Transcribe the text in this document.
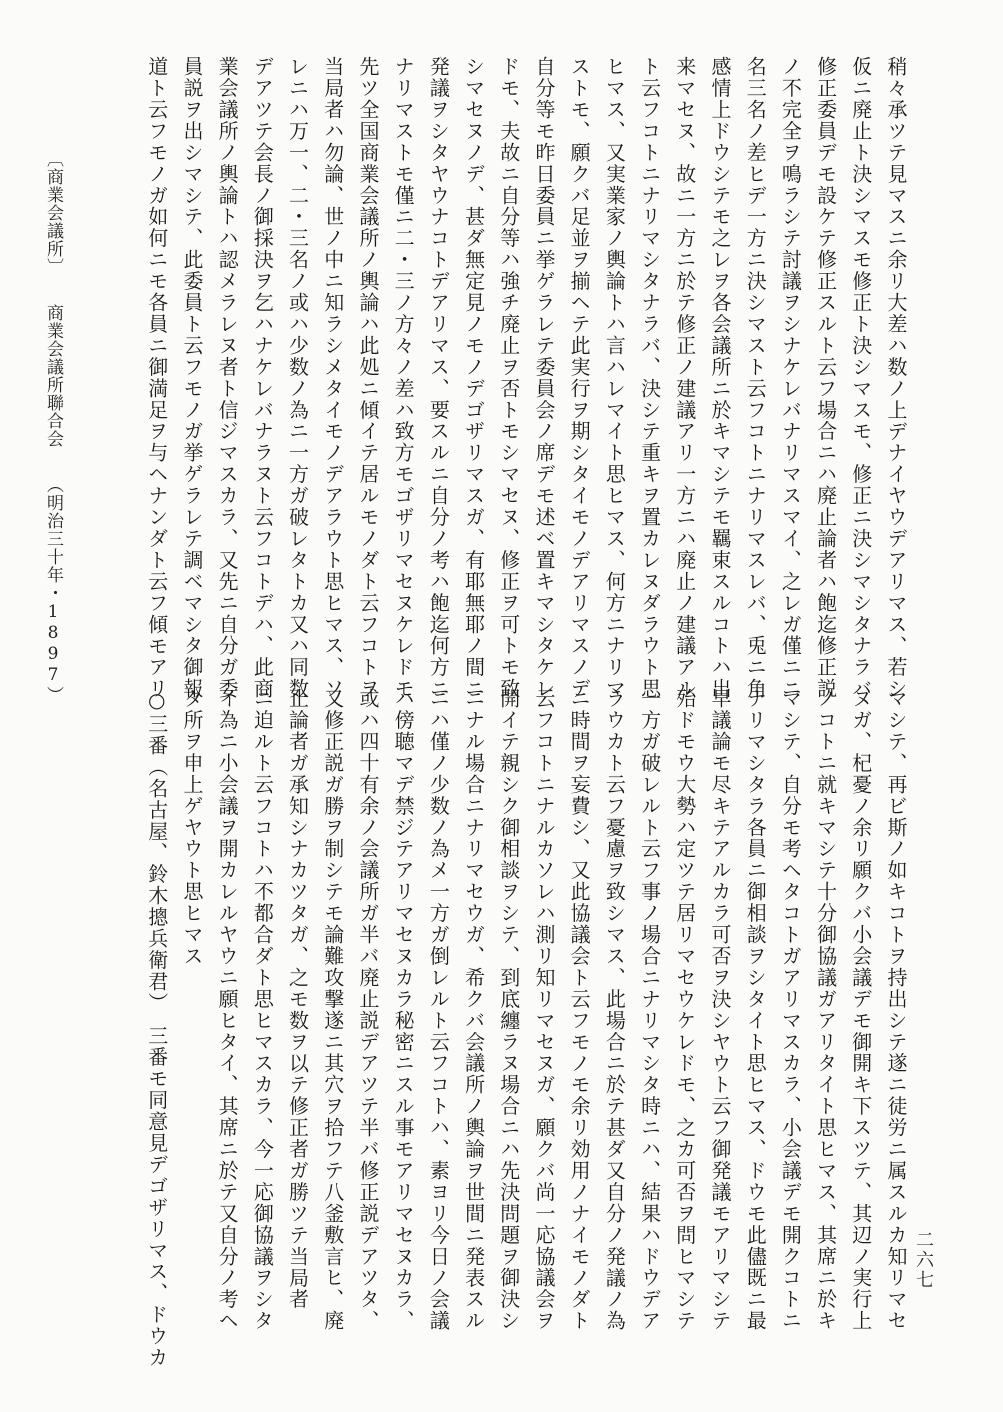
稍々承ツテ見マスニ余リ大差ハ数ノ上デナイヤウデアリマス、若シ
仮ニ廃止ト決シマスモ修正ト決シマスモ、修正ニ決シマシタナラバ
修正委員デモ設ケテ修正スルト云フ場合ニハ廃止論者ハ飽迄修正説
ノ不完全ヲ鳴ラシテ討議ヲシナケレバナリマスマイ、之レガ僅ニニ
名三名ノ差ヒデ一方ニ決シマスト云フコトニナリマスレバ、兎ニ角
感情上ドウシテモ之レヲ各会議所ニ於キマシテモ羈束スルコトハ出
来マセヌ、故ニ一方ニ於テ修正ノ建議アリ一方ニハ廃止ノ建議アル
ト云フコトニナリマシタナラバ、決シテ重キヲ置カレヌダラウト思
ヒマス、又実業家ノ輿論トハ言ハレマイト思ヒマス、何方ニナリマ
ストモ、願クバ足並ヲ揃ヘテ此実行ヲ期シタイモノデアリマスノデ
自分等モ昨日委員ニ挙ゲラレテ委員会ノ席デモ述ベ置キマシタケレ
ドモ、夫故ニ自分等ハ強チ廃止ヲ否トモシマセヌ、修正ヲ可トモ致
シマセヌノデ、甚ダ無定見ノモノデゴザリマスガ、有耶無耶ノ間ニ
発議ヲシタヤウナコトデアリマス、要スルニ自分ノ考ハ飽迄何方ニ
ナリマストモ僅ニ二・三ノ方々ノ差ハ致方モゴザリマセヌケレドモ
先ツ全国商業会議所ノ輿論ハ此処ニ傾イテ居ルモノダト云フコトヲ
当局者ハ勿論、世ノ中ニ知ラシメタイモノデアラウト思ヒマス、ソ
レニハ万一、二・三名ノ或ハ少数ノ為ニ一方ガ破レタトカ又ハ同数
デアツテ会長ノ御採決ヲ乞ハナケレバナラヌト云フコトデハ、此商
業会議所ノ輿論トハ認メラレヌ者ト信ジマスカラ、又先ニ自分ガ委
員説ヲ出シマシテ、此委員ト云フモノガ挙ゲラレテ調ベマシタ御報
道ト云フモノガ如何ニモ各員ニ御満足ヲ与ヘナンダト云フ傾モアリ
マシテ、再ビ斯ノ如キコトヲ持出シテ遂ニ徒労ニ属スルカ知リマセ
ヌガ、杞憂ノ余リ願クバ小会議デモ御開キ下スツテ、其辺ノ実行上
ノコトニ就キマシテ十分御協議ガアリタイト思ヒマス、其席ニ於キ
マシテ、自分モ考ヘタコトガアリマスカラ、小会議デモ開クコトニ
ナリマシタラ各員ニ御相談ヲシタイト思ヒマス、ドウモ此儘既ニ最
早議論モ尽キテアルカラ可否ヲ決シヤウト云フ御発議モアリマシテ
殆ドモウ大勢ハ定ツテ居リマセウケレドモ、之カ可否ヲ問ヒマシテ
一方ガ破レルト云フ事ノ場合ニナリマシタ時ニハ、結果ハドウデア
ラウカト云フ憂慮ヲ致シマス、此場合ニ於テ甚ダ又自分ノ発議ノ為
ニ時間ヲ妄費シ、又此協議会ト云フモノモ余リ効用ノナイモノダト
云フコトニナルカソレハ測リ知リマセヌガ、願クバ尚一応協議会ヲ
開イテ親シク御相談ヲシテ、到底纏ラヌ場合ニハ先決問題ヲ御決シ
ニナル場合ニナリマセウガ、希クバ会議所ノ輿論ヲ世間ニ発表スル
ニハ僅ノ少数ノ為メ一方ガ倒レルト云フコトハ、素ヨリ今日ノ会議
ハ傍聴マデ禁ジテアリマセヌカラ秘密ニスル事モアリマセヌカラ、
或ハ四十有余ノ会議所ガ半バ廃止説デアツテ半バ修正説デアツタ、
又修正説ガ勝ヲ制シテモ論難攻撃遂ニ其穴ヲ拾フテ八釜敷言ヒ、廃
止論者ガ承知シナカツタガ、之モ数ヲ以テ修正者ガ勝ツテ当局者
ニ迫ルト云フコトハ不都合ダト思ヒマスカラ、今一応御協議ヲシタ
イ為ニ小会議ヲ開カレルヤウニ願ヒタイ、其席ニ於テ又自分ノ考ヘ
タ所ヲ申上ゲヤウト思ヒマス
○三番（名古屋、鈴木摠兵衛君）　三番モ同意見デゴザリマス、ドウカ
〔商業会議所〕商業会議所聯合会（明治三十年・1897）
二六七
